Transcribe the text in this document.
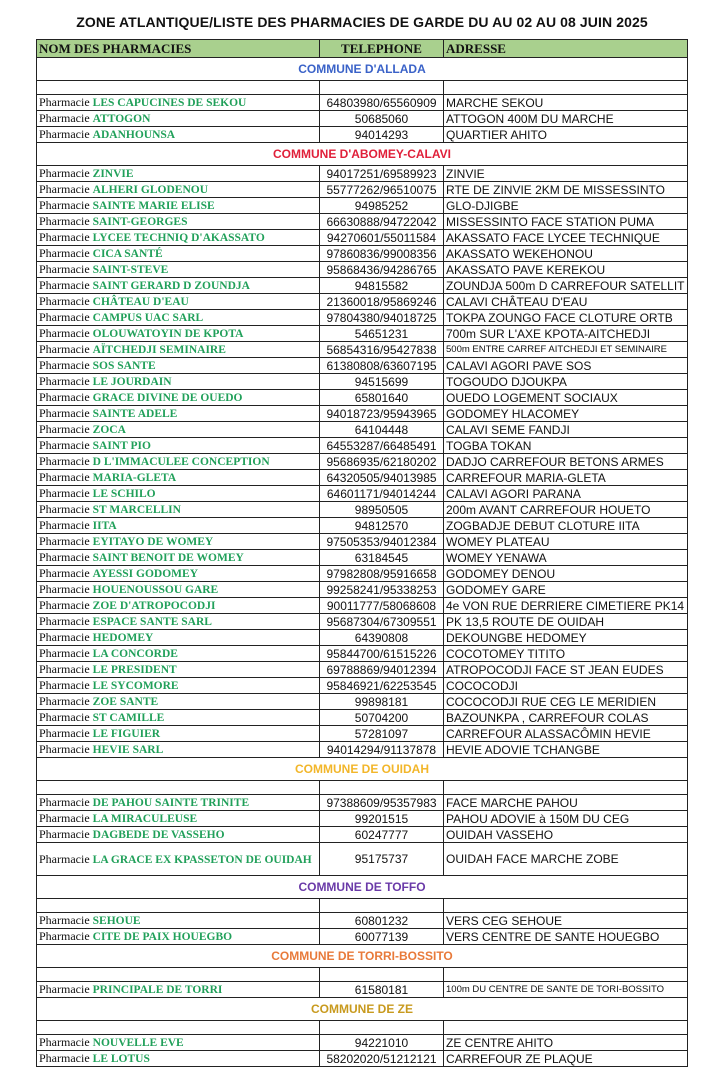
ZONE ATLANTIQUE/LISTE DES PHARMACIES DE GARDE DU AU 02 AU 08 JUIN 2025
NOM DES PHARMACIES	TELEPHONE	ADRESSE
COMMUNE D'ALLADA		

Pharmacie LES CAPUCINES DE SEKOU	64803980/65560909	MARCHE SEKOU
Pharmacie ATTOGON	50685060	ATTOGON 400M DU MARCHE
Pharmacie ADANHOUNSA	94014293	QUARTIER AHITO
COMMUNE D'ABOMEY-CALAVI		
Pharmacie ZINVIE	94017251/69589923	ZINVIE
Pharmacie ALHERI GLODENOU	55777262/96510075	RTE DE ZINVIE 2KM DE MISSESSINTO
Pharmacie SAINTE MARIE ELISE	94985252	GLO-DJIGBE
Pharmacie SAINT-GEORGES	66630888/94722042	MISSESSINTO FACE STATION PUMA
Pharmacie LYCEE TECHNIQ D'AKASSATO	94270601/55011584	AKASSATO FACE LYCEE TECHNIQUE
Pharmacie CICA SANTÉ	97860836/99008356	AKASSATO WEKEHONOU
Pharmacie SAINT-STEVE	95868436/94286765	AKASSATO PAVE KEREKOU
Pharmacie SAINT GERARD D ZOUNDJA	94815582	ZOUNDJA 500m D CARREFOUR SATELLIT
Pharmacie CHÂTEAU D'EAU	21360018/95869246	CALAVI CHÂTEAU D'EAU
Pharmacie CAMPUS UAC SARL	97804380/94018725	TOKPA ZOUNGO FACE CLOTURE ORTB
Pharmacie OLOUWATOYIN DE KPOTA	54651231	700m SUR L'AXE KPOTA-AITCHEDJI
Pharmacie AÏTCHEDJI SEMINAIRE	56854316/95427838	500m ENTRE CARREF AITCHEDJI ET SEMINAIRE
Pharmacie SOS SANTE	61380808/63607195	CALAVI AGORI PAVE SOS
Pharmacie LE JOURDAIN	94515699	TOGOUDO DJOUKPA
Pharmacie GRACE DIVINE DE OUEDO	65801640	OUEDO LOGEMENT SOCIAUX
Pharmacie SAINTE ADELE	94018723/95943965	GODOMEY HLACOMEY
Pharmacie ZOCA	64104448	CALAVI SEME FANDJI
Pharmacie SAINT PIO	64553287/66485491	TOGBA TOKAN
Pharmacie D L'IMMACULEE CONCEPTION	95686935/62180202	DADJO CARREFOUR BETONS ARMES
Pharmacie MARIA-GLETA	64320505/94013985	CARREFOUR MARIA-GLETA
Pharmacie LE SCHILO	64601171/94014244	CALAVI AGORI PARANA
Pharmacie ST MARCELLIN	98950505	200m AVANT CARREFOUR HOUETO
Pharmacie IITA	94812570	ZOGBADJE DEBUT CLOTURE IITA
Pharmacie EYITAYO DE WOMEY	97505353/94012384	WOMEY PLATEAU
Pharmacie SAINT BENOIT DE WOMEY	63184545	WOMEY YENAWA
Pharmacie AYESSI GODOMEY	97982808/95916658	GODOMEY DENOU
Pharmacie HOUENOUSSOU GARE	99258241/95338253	GODOMEY GARE
Pharmacie ZOE D'ATROPOCODJI	90011777/58068608	4e VON RUE DERRIERE CIMETIERE PK14
Pharmacie ESPACE SANTE SARL	95687304/67309551	PK 13,5 ROUTE DE OUIDAH
Pharmacie HEDOMEY	64390808	DEKOUNGBE HEDOMEY
Pharmacie LA CONCORDE	95844700/61515226	COCOTOMEY TITITO
Pharmacie LE PRESIDENT	69788869/94012394	ATROPOCODJI FACE ST JEAN EUDES
Pharmacie LE SYCOMORE	95846921/62253545	COCOCODJI
Pharmacie ZOE SANTE	99898181	COCOCODJI RUE CEG LE MERIDIEN
Pharmacie ST CAMILLE	50704200	BAZOUNKPA , CARREFOUR COLAS
Pharmacie LE FIGUIER	57281097	CARREFOUR ALASSACÔMIN HEVIE
Pharmacie HEVIE SARL	94014294/91137878	HEVIE ADOVIE TCHANGBE
COMMUNE DE OUIDAH		

Pharmacie DE PAHOU SAINTE TRINITE	97388609/95357983	FACE MARCHE PAHOU
Pharmacie LA MIRACULEUSE	99201515	PAHOU ADOVIE à 150M DU CEG
Pharmacie DAGBEDE DE VASSEHO	60247777	OUIDAH VASSEHO
Pharmacie LA GRACE EX KPASSETON DE OUIDAH	95175737	OUIDAH FACE MARCHE ZOBE
COMMUNE DE TOFFO		

Pharmacie SEHOUE	60801232	VERS CEG SEHOUE
Pharmacie CITE DE PAIX HOUEGBO	60077139	VERS CENTRE DE SANTE HOUEGBO
COMMUNE DE TORRI-BOSSITO		

Pharmacie PRINCIPALE DE TORRI	61580181	100m DU CENTRE DE SANTE DE TORI-BOSSITO
COMMUNE DE ZE		

Pharmacie NOUVELLE EVE	94221010	ZE CENTRE AHITO
Pharmacie LE LOTUS	58202020/51212121	CARREFOUR ZE PLAQUE
